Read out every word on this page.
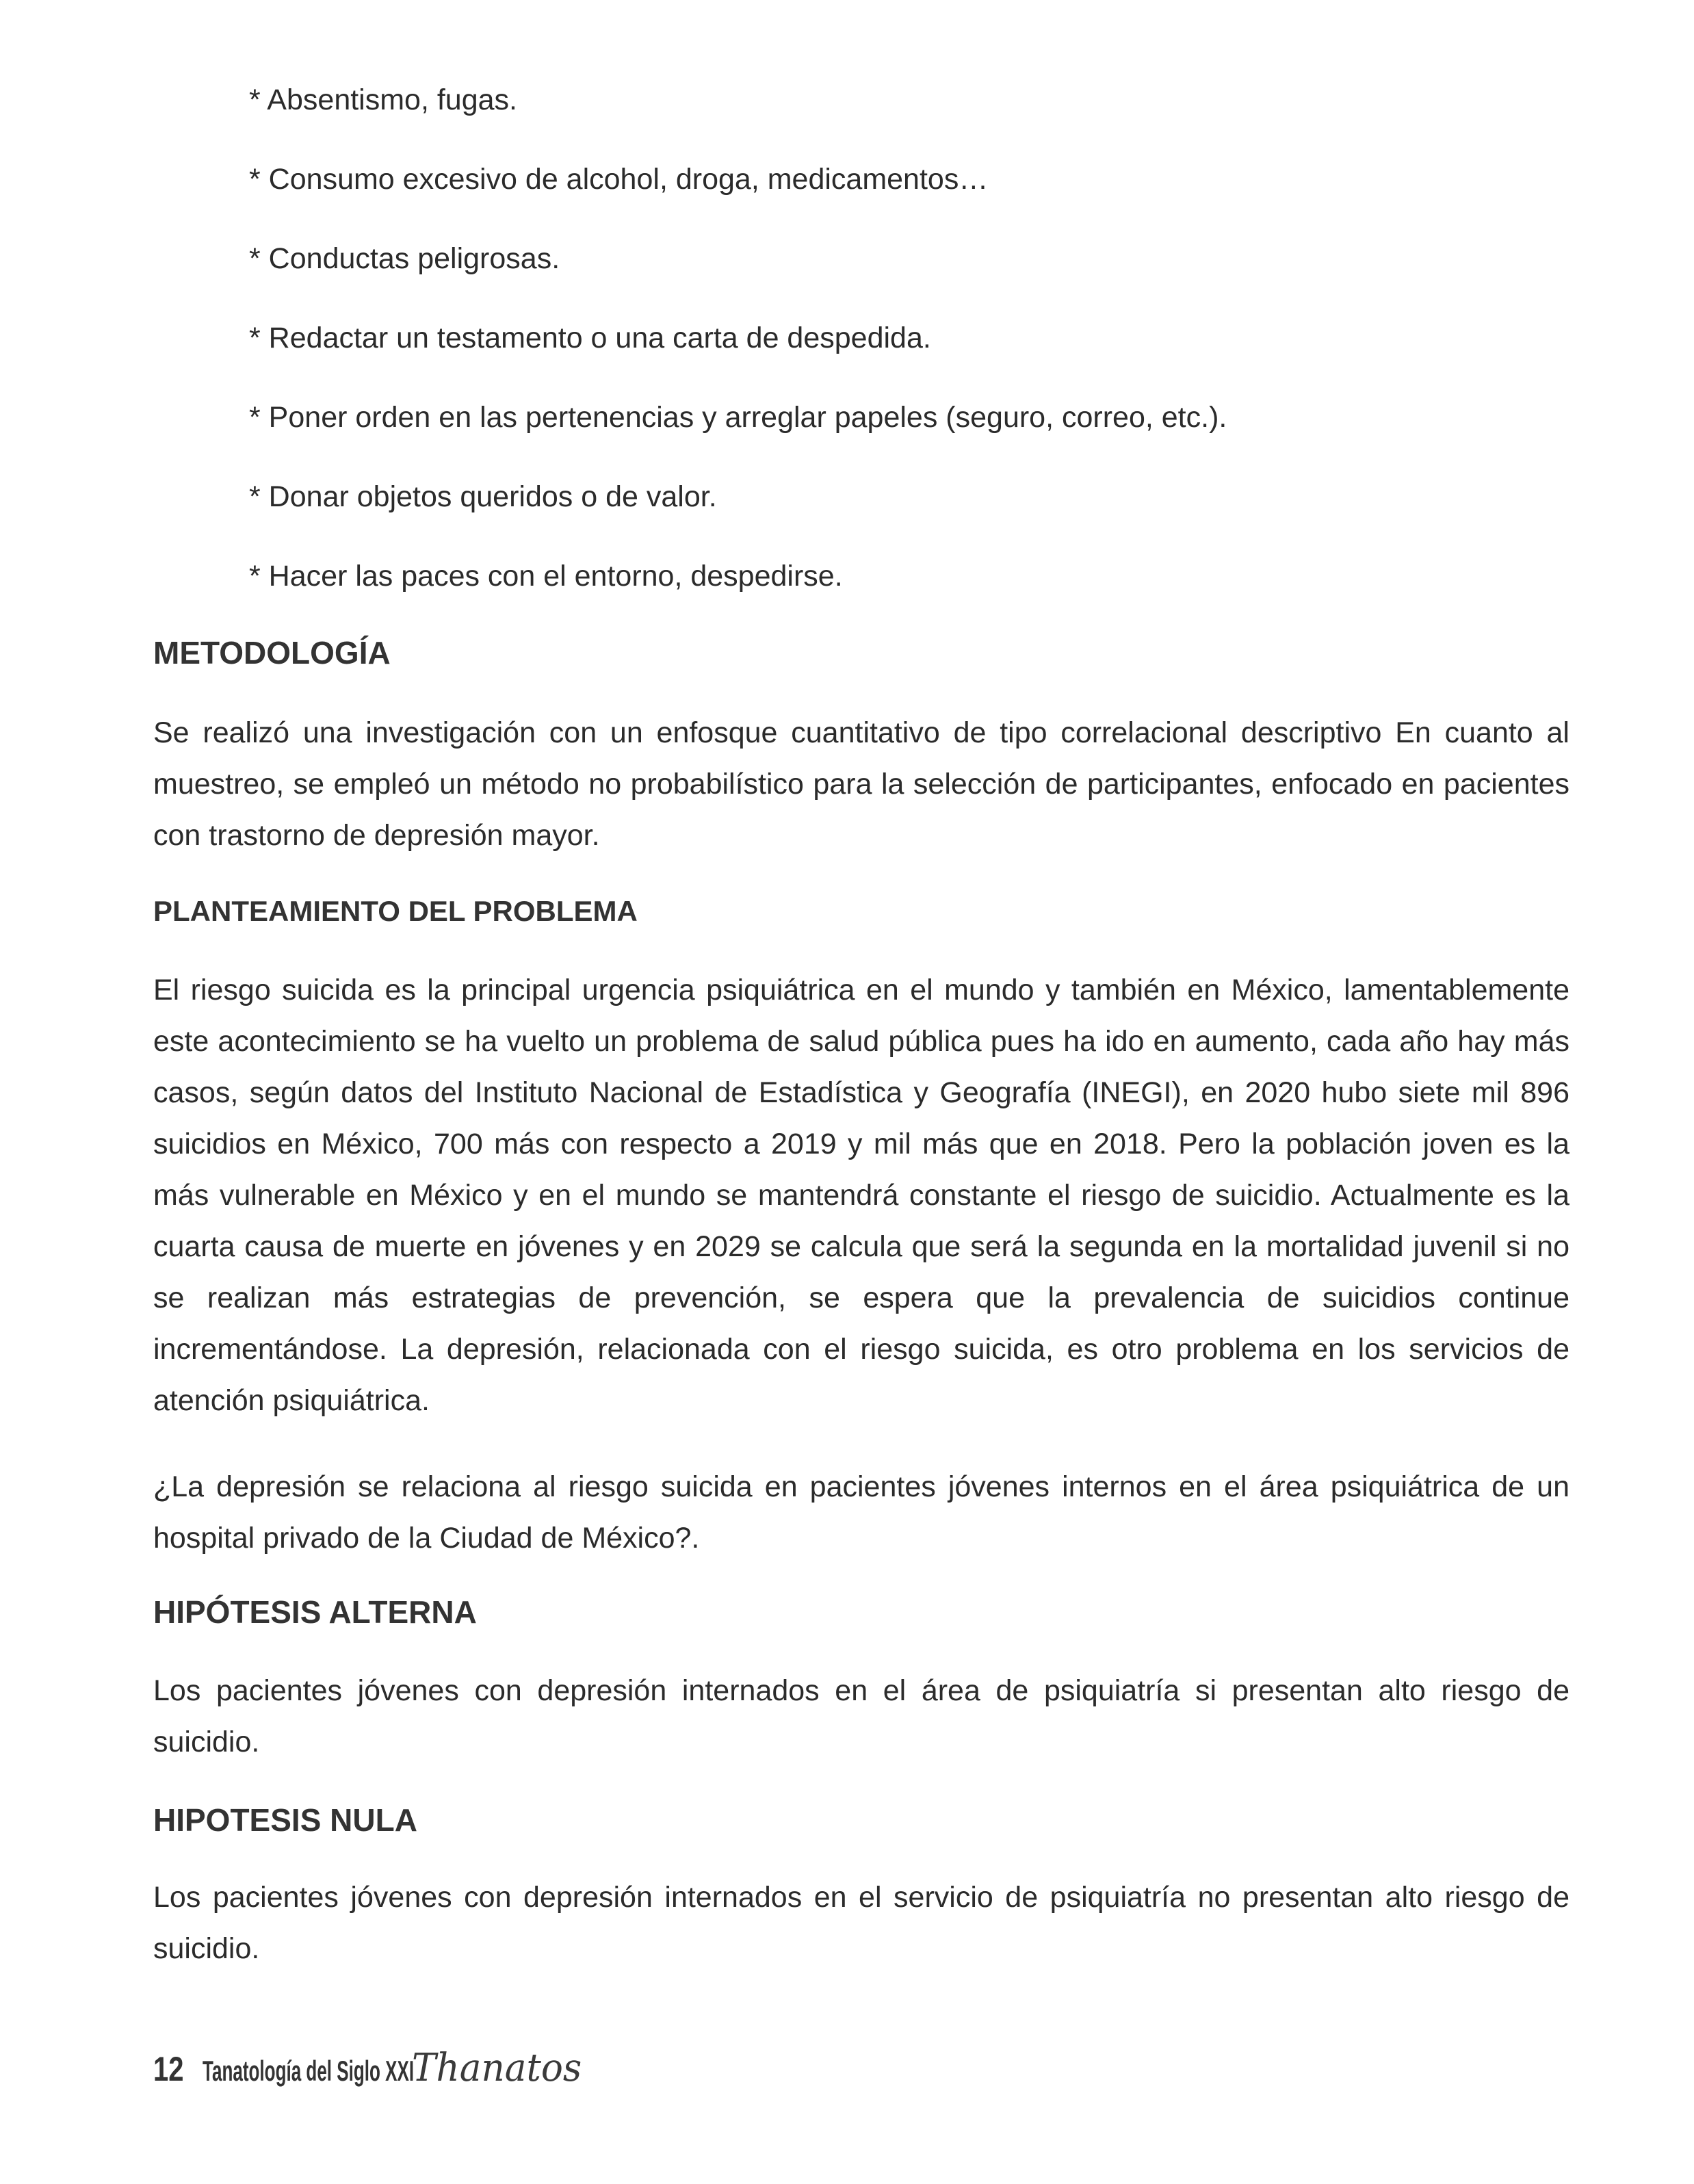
* Absentismo, fugas.
* Consumo excesivo de alcohol, droga, medicamentos…
* Conductas peligrosas.
* Redactar un testamento o una carta de despedida.
* Poner orden en las pertenencias y arreglar papeles (seguro, correo, etc.).
* Donar objetos queridos o de valor.
* Hacer las paces con el entorno, despedirse.
METODOLOGÍA

Se realizó una investigación con un enfosque cuantitativo de tipo correlacional descriptivo En cuanto al muestreo, se empleó un método no probabilístico para la selección de participantes, enfocado en pacientes con trastorno de depresión mayor.

PLANTEAMIENTO DEL PROBLEMA

El riesgo suicida es la principal urgencia psiquiátrica en el mundo y también en México, lamentablemente este acontecimiento se ha vuelto un problema de salud pública pues ha ido en aumento, cada año hay más casos, según datos del Instituto Nacional de Estadística y Geografía (INEGI), en 2020 hubo siete mil 896 suicidios en México, 700 más con respecto a 2019 y mil más que en 2018. Pero la población joven es la más vulnerable en México y en el mundo se mantendrá constante el riesgo de suicidio. Actualmente es la cuarta causa de muerte en jóvenes y en 2029 se calcula que será la segunda en la mortalidad juvenil si no se realizan más estrategias de prevención, se espera que la prevalencia de suicidios continue incrementándose. La depresión, relacionada con el riesgo suicida, es otro problema en los servicios de atención psiquiátrica.

¿La depresión se relaciona al riesgo suicida en pacientes jóvenes internos en el área psiquiátrica de un hospital privado de la Ciudad de México?.

HIPÓTESIS ALTERNA

Los pacientes jóvenes con depresión internados en el área de psiquiatría si presentan alto riesgo de suicidio.

HIPOTESIS NULA

Los pacientes jóvenes con depresión internados en el servicio de psiquiatría no presentan alto riesgo de suicidio.

12 Tanatología del Siglo XXI
Thanatos
